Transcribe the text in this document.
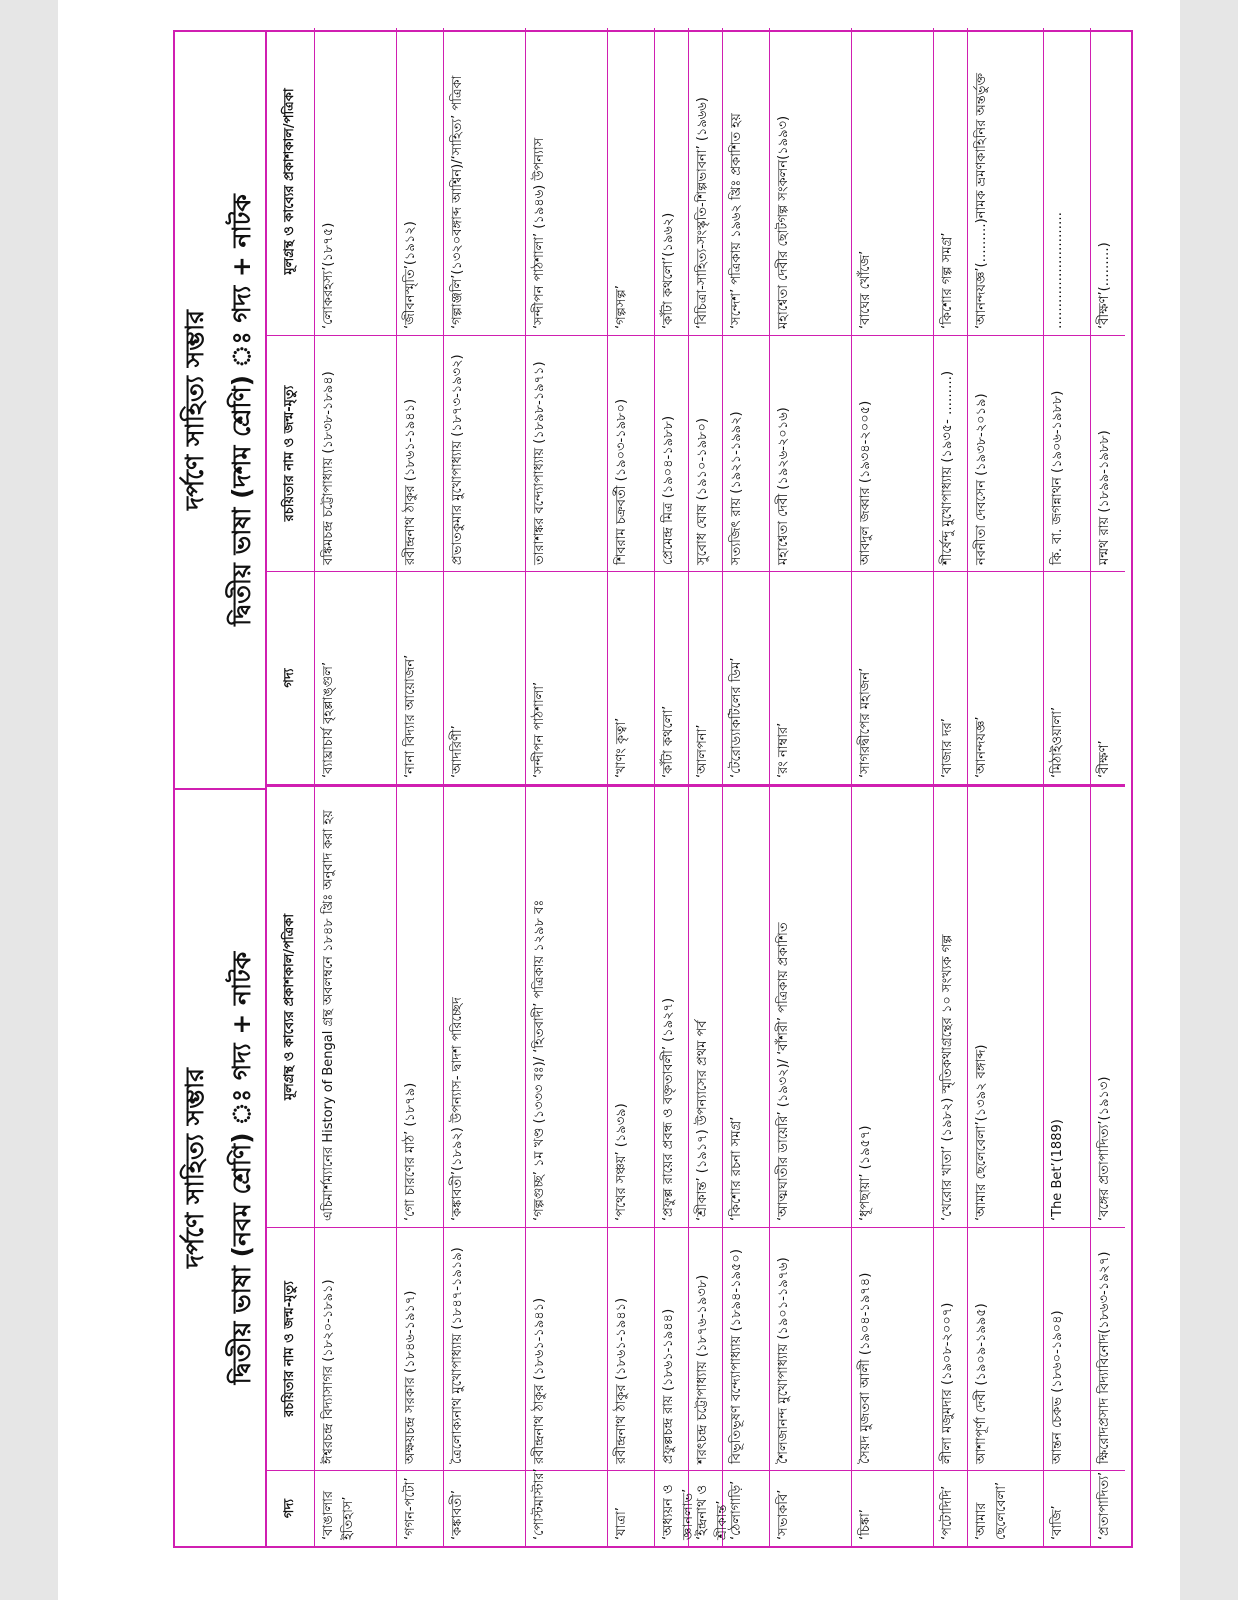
দর্পণে সাহিত্য সম্ভার দ্বিতীয় ভাষা (নবম শ্রেণি) ঃ গদ্য + নাটক
দর্পণে সাহিত্য সম্ভার দ্বিতীয় ভাষা (দশম শ্রেণি) ঃ গদ্য + নাটক
গদ্য
রচয়িতার নাম ও জন্ম-মৃত্যু
মূলগ্রন্থ ও কাব্যের প্রকাশকাল/পত্রিকা
গদ্য
রচয়িতার নাম ও জন্ম-মৃত্যু
মূলগ্রন্থ ও কাব্যের প্রকাশকাল/পত্রিকা
‘বাঙালার ইতিহাস’
ঈশ্বরচন্দ্র বিদ্যাসাগর (১৮২০-১৮৯১)
এচিমার্শম্যানের History of Bengal গ্রন্থ অবলম্বনে ১৮৪৮ খ্রিঃ অনুবাদ করা হয়
‘ব্যাঘ্রাচার্য বৃহল্লাঙ্গুল’
বঙ্কিমচন্দ্র চট্টোপাধ্যায় (১৮৩৮-১৮৯৪)
‘লোকরহস্য’(১৮৭৫)
‘গগন-পটো’
অক্ষয়চন্দ্র সরকার (১৮৪৬-১৯১৭)
‘গো চারণের মাঠ’ (১৮৭৯)
‘নানা বিদ্যার আয়োজন’
রবীন্দ্রনাথ ঠাকুর (১৮৬১-১৯৪১)
‘জীবনস্মৃতি’(১৯১২)
‘কঙ্কাবতী’
ত্রৈলোক্যনাথ মুখোপাধ্যায় (১৮৪৭-১৯১৯)
‘কঙ্কাবতী’(১৮৯২) উপন্যাস- দ্বাদশ পরিচ্ছেদ
‘আদরিণী’
প্রভাতকুমার মুখোপাধ্যায় (১৮৭৩-১৯৩২)
‘গল্পাঞ্জলি’(১৩২০বঙ্গাব্দ আশ্বিন)/‘সাহিত্য’ পত্রিকা
‘পোস্টমাস্টার’
রবীন্দ্রনাথ ঠাকুর (১৮৬১-১৯৪১)
‘গল্পগুচ্ছ’ ১ম খণ্ড (১৩৩৩ বঃ)/ ‘হিতবাদী’ পত্রিকায় ১২৯৮ বঃ
‘সন্দীপন পাঠশালা’
তারাশঙ্কর বন্দ্যোপাধ্যায় (১৮৯৮-১৯৭১)
‘সন্দীপন পাঠশালা’ (১৯৪৬) উপন্যাস
‘যাত্রা’
রবীন্দ্রনাথ ঠাকুর (১৮৬১-১৯৪১)
‘পথের সঞ্চয়’ (১৯৩৯)
‘খাণং কৃত্বা’
শিবরাম চক্রবর্তী (১৯০৩-১৯৮০)
‘গল্পসল্প’
‘অধ্যয়ন ও জ্ঞানলাভ’
প্রফুল্লচন্দ্র রায় (১৮৬১-১৯৪৪)
‘প্রফুল্ল রায়ের প্রবন্ধ ও বক্তৃতাবলী’ (১৯২৭)
‘কাঁটা কথলো’
প্রেমেন্দ্র মিত্র (১৯০৪-১৯৮৮)
‘কাঁটা কথলো’(১৯৬২)
‘ইন্দ্রনাথ ও শ্রীকান্ত’
শরৎচন্দ্র চট্টোপাধ্যায় (১৮৭৬-১৯৩৮)
‘শ্রীকান্ত’ (১৯১৭) উপন্যাসের প্রথম পর্ব
‘আলপনা’
সুবোধ ঘোষ (১৯১০-১৯৮০)
‘বিচিত্রা-সাহিত্য-সংস্কৃতি-শিল্পভাবনা’ (১৯৬৬)
‘ঠেলাগাড়ি’
বিভূতিভূষণ বন্দ্যোপাধ্যায় (১৮৯৪-১৯৫০)
‘কিশোর রচনা সমগ্র’
‘টেরোড্যাকটিলের ডিম’
সত্যজিৎ রায় (১৯২১-১৯৯২)
‘সন্দেশ’ পত্রিকায় ১৯৬২ খ্রিঃ প্রকাশিত হয়
‘সভাকবি’
শৈলজানন্দ মুখোপাধ্যায় (১৯০১-১৯৭৬)
‘আত্মঘাতীর ডায়েরি’ (১৯৩২)/ ‘বাঁশরী’ পত্রিকায় প্রকাশিত
‘রং নাম্বার’
মহাশ্বেতা দেবী (১৯২৬-২০১৬)
মহাশ্বেতা দেবীর ছোটগল্প সংকলন(১৯৯৩)
‘চিঙ্কা’
সৈয়দ মুজতবা আলী (১৯০৪-১৯৭৪)
‘ধূপছায়া’ (১৯৫৭)
‘সাগরদ্বীপের মহাজন’
আবদুল জব্বার (১৯৩৪-২০০৫)
‘বাঘের খোঁজে’
‘পটোদিদি’
লীলা মজুমদার (১৯০৮-২০০৭)
‘খেরোর খাতা’ (১৯৮২) স্মৃতিকথাগ্রন্থের ১০ সংখ্যক গল্প
‘বাজার দর’
শীর্ষেন্দু মুখোপাধ্যায় (১৯৩৫- ………)
‘কিশোর গল্প সমগ্র’
‘আমার ছেলেবেলা’
আশাপূর্ণা দেবী (১৯০৯-১৯৯৫)
‘আমার ছেলেবেলা’(১৩৯২ বঙ্গাব্দ)
‘আনন্দযজ্ঞ’
নবনীতা দেবসেন (১৯৩৮-২০১৯)
‘আনন্দযজ্ঞ’(………)নামক ভ্রমণকাহিনির অন্তর্ভুক্ত
‘বাজি’
আন্তন চেকভ (১৮৬০-১৯০৪)
‘The Bet’(1889)
‘মিঠাইওয়ালা’
কি. বা. জগন্নাথন (১৯০৬-১৯৮৮)
………………………
‘প্রতাপাদিত্য’
ক্ষিরোদপ্রসাদ বিদ্যাবিনোদ(১৮৬৩-১৯২৭)
‘বঙ্গের প্রতাপাদিত্য’(১৯১৩)
‘বীক্ষণ’
মন্মথ রায় (১৮৯৯-১৯৮৮)
‘বীক্ষণ’(………)
